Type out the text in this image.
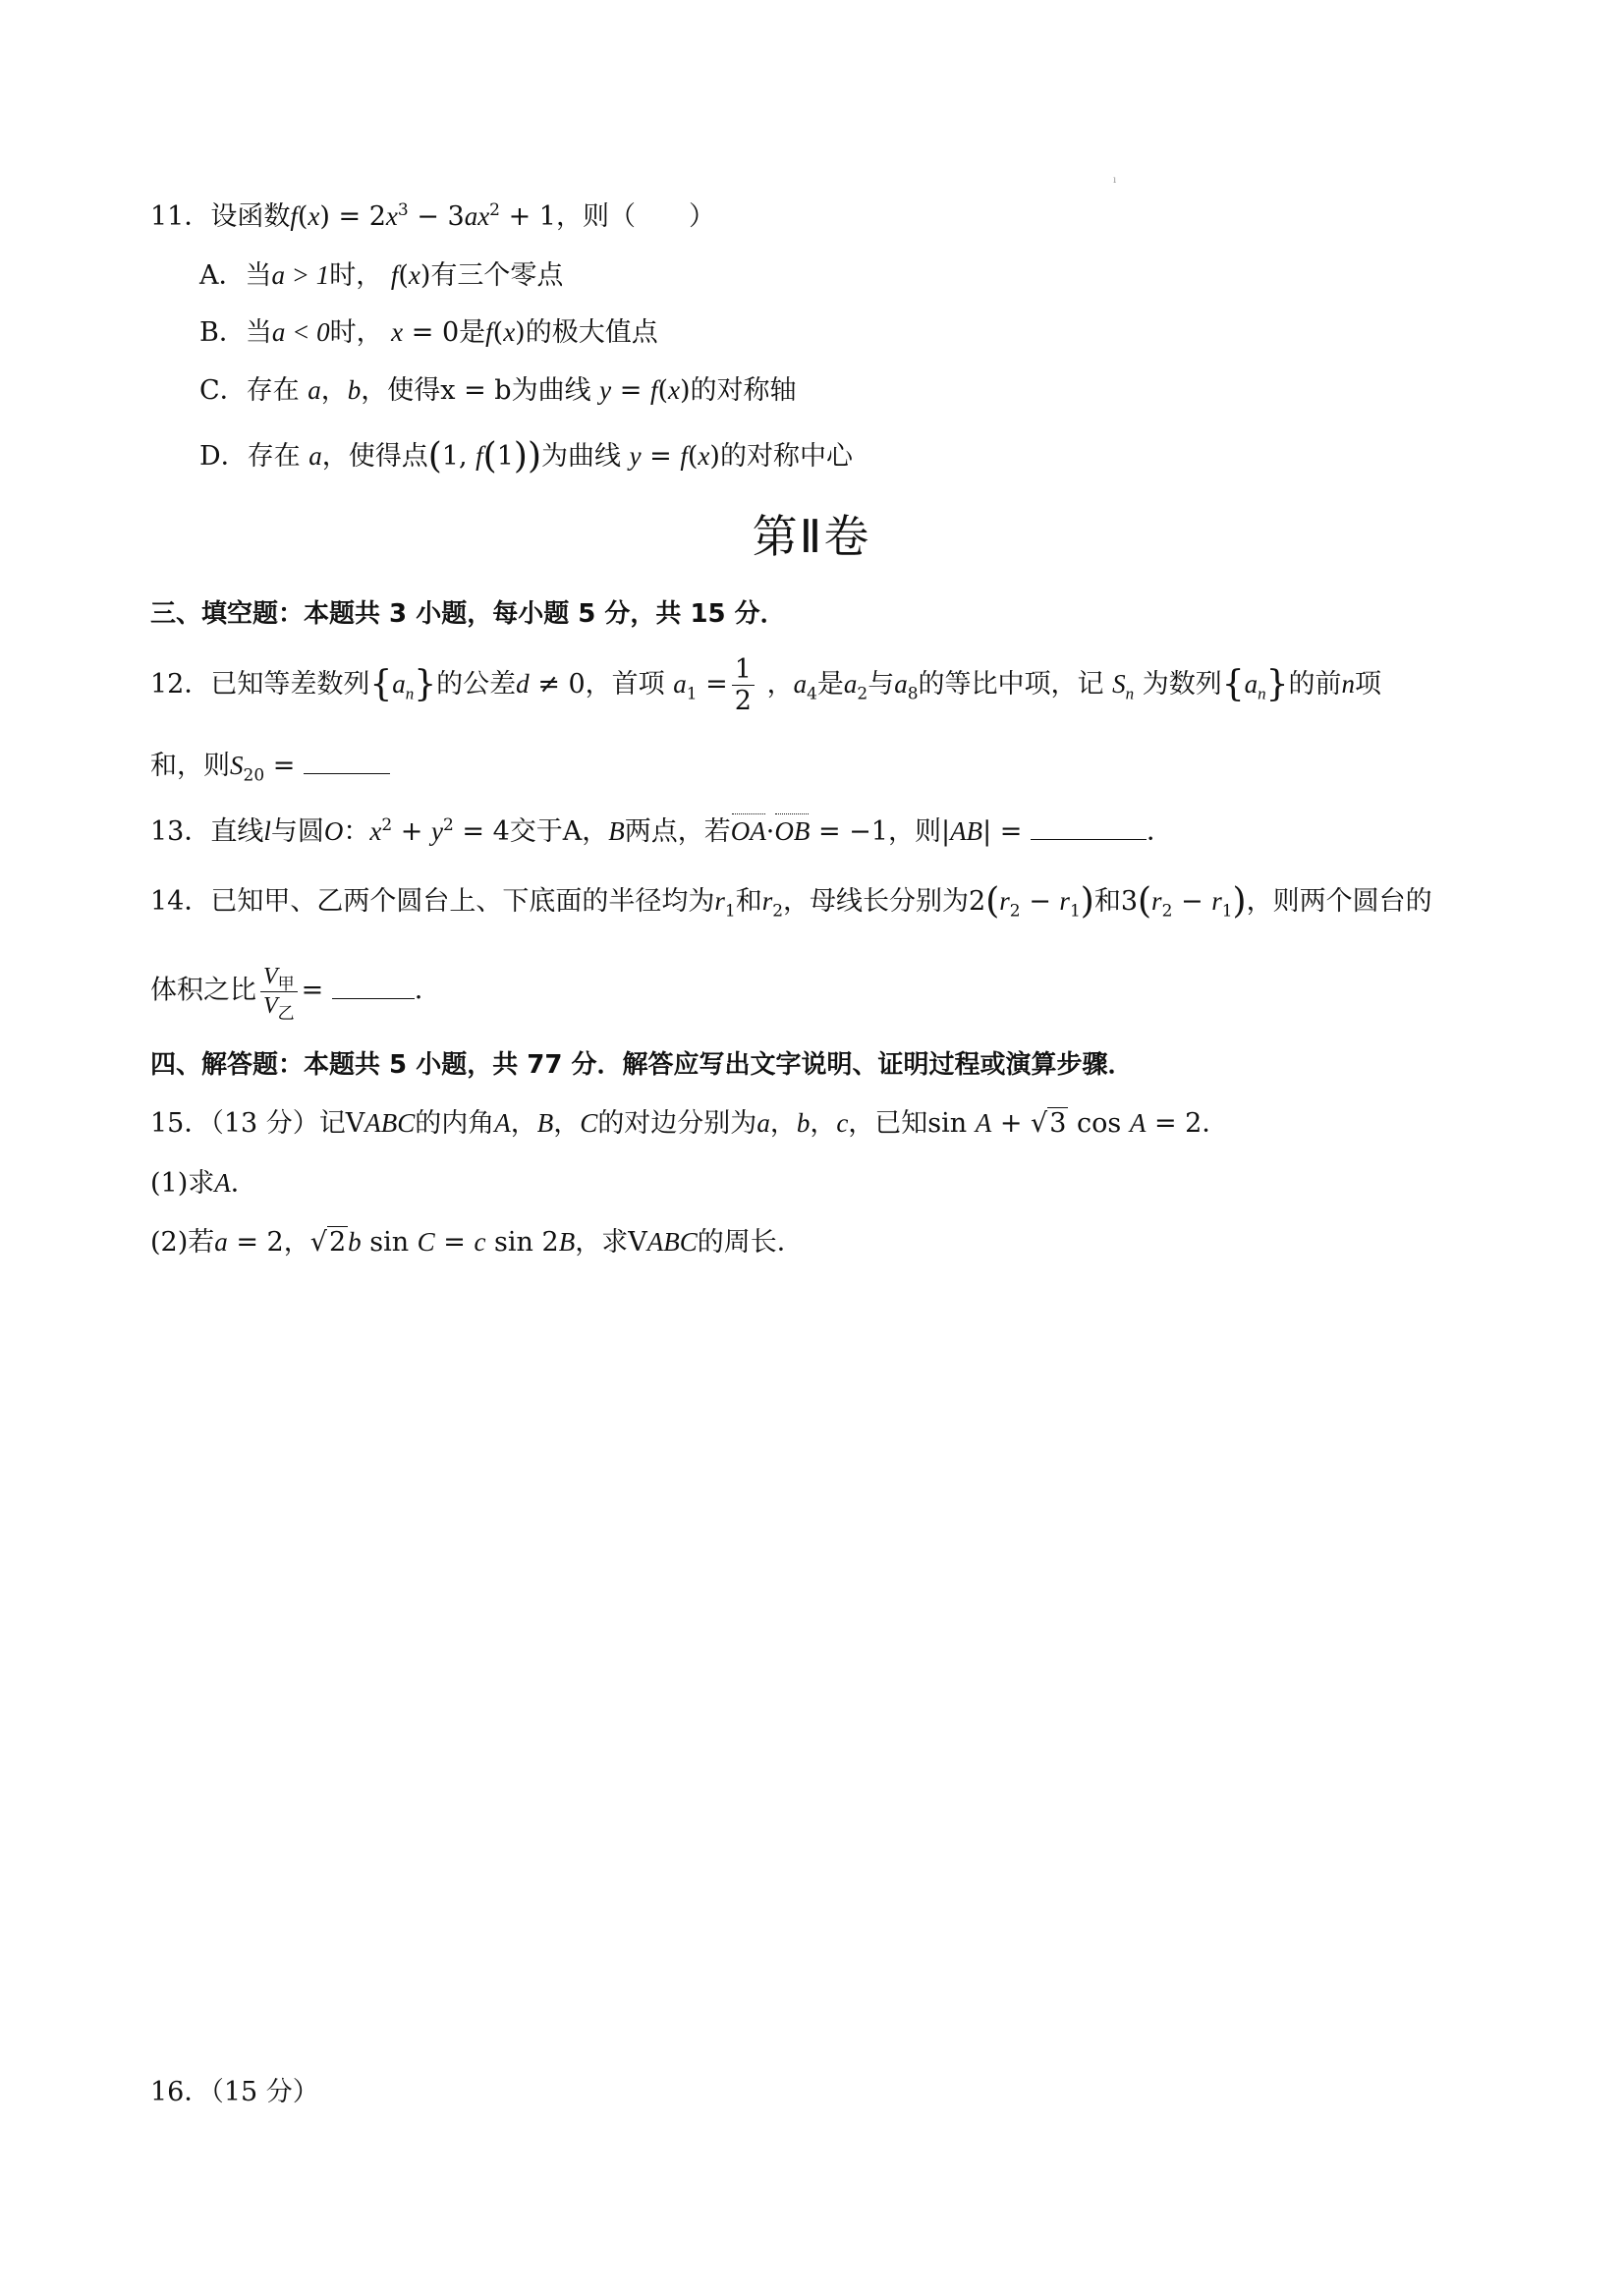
ı
11．设函数$f(x) = 2x^3 - 3ax^2 + 1$，则（　　）
A．当a > 1时， f(x)有三个零点
B．当a < 0时， x = 0是f(x)的极大值点
C．存在 a，b，使得x = b为曲线 y = f(x)的对称轴
D．存在 a，使得点(1, f(1))为曲线 y = f(x)的对称中心
第Ⅱ卷
三、填空题：本题共 3 小题，每小题 5 分，共 15 分．
12．已知等差数列$\{a_n\}$的公差d ≠ 0，首项 $a_1 = \frac{1}{2}$ ，$a_4$是$a_2$与$a_8$的等比中项，记 $S_n$ 为数列$\{a_n\}$的前n项
和，则$S_{20}$ =
13．直线l与圆O：$x^2 + y^2 = 4$交于A，B两点，若OA·OB = −1，则|AB| =	．
14．已知甲、乙两个圆台上、下底面的半径均为$r_1$和$r_2$，母线长分别为$2(r_2 - r_1)$和$3(r_2 - r_1)$，则两个圆台的
体积之比 $\frac{V_甲}{V_乙}$ =	．
四、解答题：本题共 5 小题，共 77 分．解答应写出文字说明、证明过程或演算步骤．
15．（13 分）记VABC的内角A，B，C的对边分别为a，b，c，已知sin A + √3 cos A = 2．
(1)求A．
(2)若a = 2，√2b sin C = c sin 2B，求VABC的周长．
16．（15 分）
